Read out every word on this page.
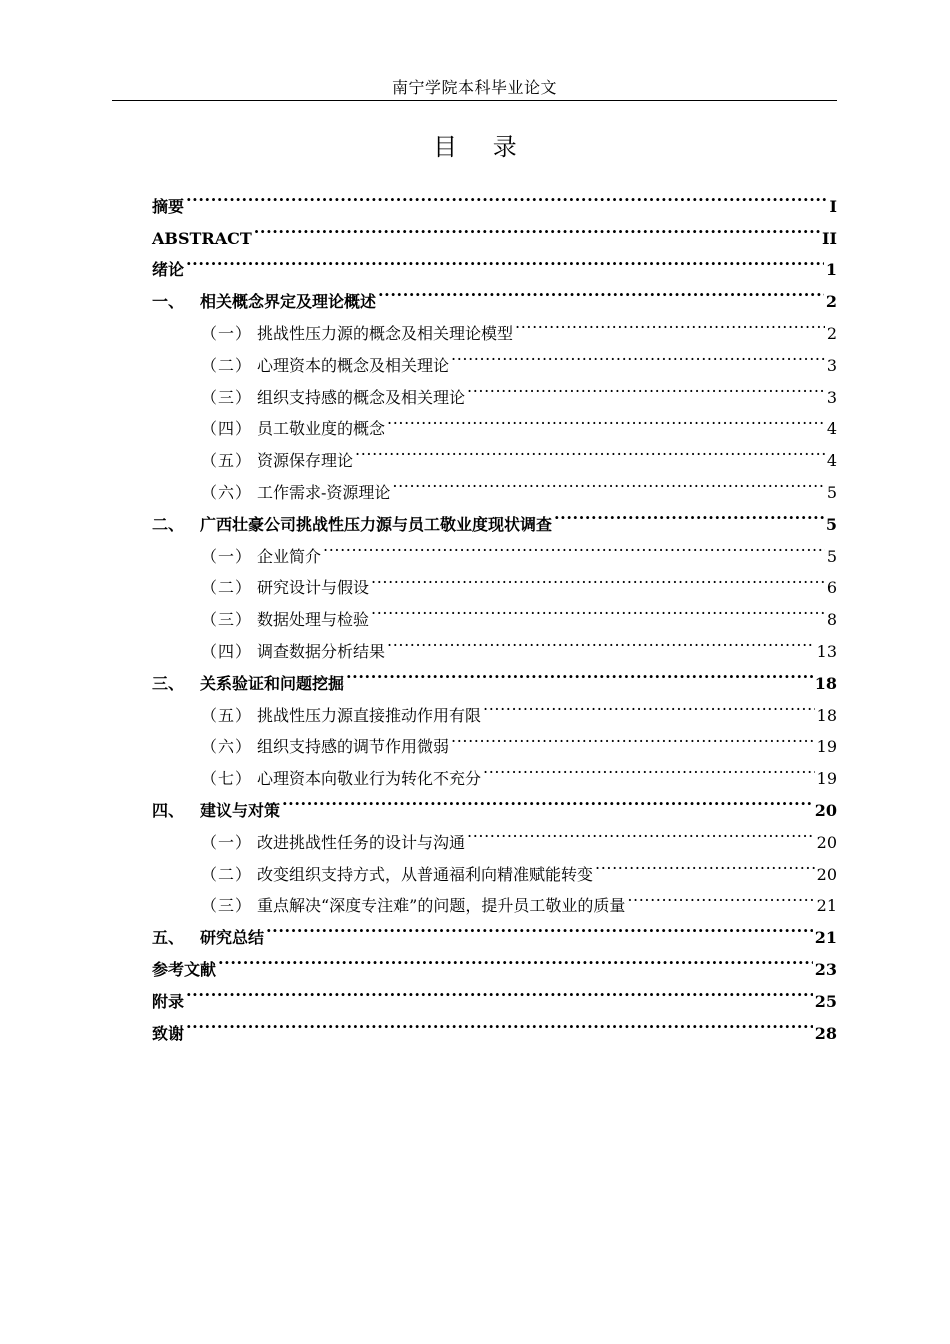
南宁学院本科毕业论文
目 录
摘要 .....	I
ABSTRACT .....	II
绪论 .....	1
一、 相关概念界定及理论概述 .....	2
（一） 挑战性压力源的概念及相关理论模型 .....	2
（二） 心理资本的概念及相关理论 .....	3
（三） 组织支持感的概念及相关理论 .....	3
（四） 员工敬业度的概念 .....	4
（五） 资源保存理论 .....	4
（六） 工作需求-资源理论 .....	5
二、 广西壮豪公司挑战性压力源与员工敬业度现状调查 .....	5
（一） 企业简介 .....	5
（二） 研究设计与假设 .....	6
（三） 数据处理与检验 .....	8
（四） 调查数据分析结果 .....	13
三、 关系验证和问题挖掘 .....	18
（五） 挑战性压力源直接推动作用有限 .....	18
（六） 组织支持感的调节作用微弱 .....	19
（七） 心理资本向敬业行为转化不充分 .....	19
四、 建议与对策 .....	20
（一） 改进挑战性任务的设计与沟通 .....	20
（二） 改变组织支持方式，从普通福利向精准赋能转变 .....	20
（三） 重点解决“深度专注难”的问题，提升员工敬业的质量 .....	21
五、 研究总结 .....	21
参考文献 .....	23
附录 .....	25
致谢 .....	28
